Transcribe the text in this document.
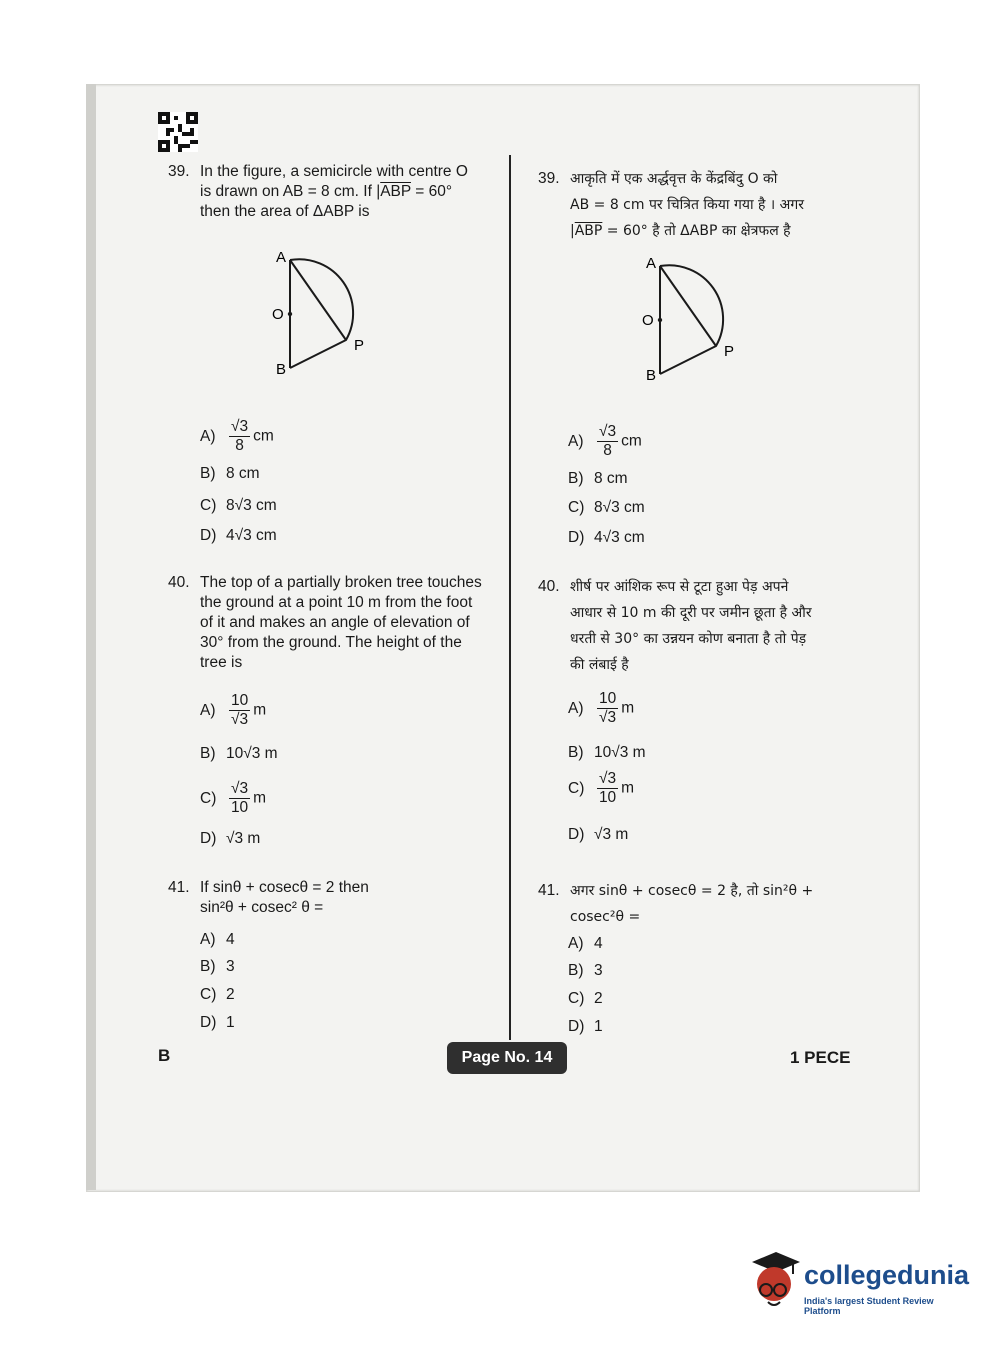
39. In the figure, a semicircle with centre O
is drawn on AB = 8 cm. If $|\overline{ABP} = 60^\circ$
then the area of ΔABP is
A
O
B
P
$A) \frac{√3}{8}$ cm
B) 8 cm
C) 8√3 cm
D) 4√3 cm
40. The top of a partially broken tree touches
the ground at a point 10 m from the foot
of it and makes an angle of elevation of
30° from the ground. The height of the
tree is
$A) \frac{10}{√3}$ m
B) 10√3 m
$C) \frac{√3}{10}$ m
D) √3 m
41. If sinθ + cosecθ = 2 then
sin²θ + cosec² θ =
A) 4
B) 3
C) 2
D) 1
39. आकृति में एक अर्द्धवृत्त के केंद्रबिंदु O को
AB = 8 cm पर चित्रित किया गया है । अगर
$|\overline{ABP} = 60^\circ$ है तो ΔABP का क्षेत्रफल है
A
O
B
P
$A) \frac{√3}{8}$ cm
B) 8 cm
C) 8√3 cm
D) 4√3 cm
40. शीर्ष पर आंशिक रूप से टूटा हुआ पेड़ अपने
आधार से 10 m की दूरी पर जमीन छूता है और
धरती से 30° का उन्नयन कोण बनाता है तो पेड़
की लंबाई है
$A) \frac{10}{√3}$ m
B) 10√3 m
$C) \frac{√3}{10}$ m
D) √3 m
41. अगर sinθ + cosecθ = 2 है, तो sin²θ +
cosec²θ =
A) 4
B) 3
C) 2
D) 1
B	Page No. 14	1 PECE
collegedunia
India's largest Student Review Platform
